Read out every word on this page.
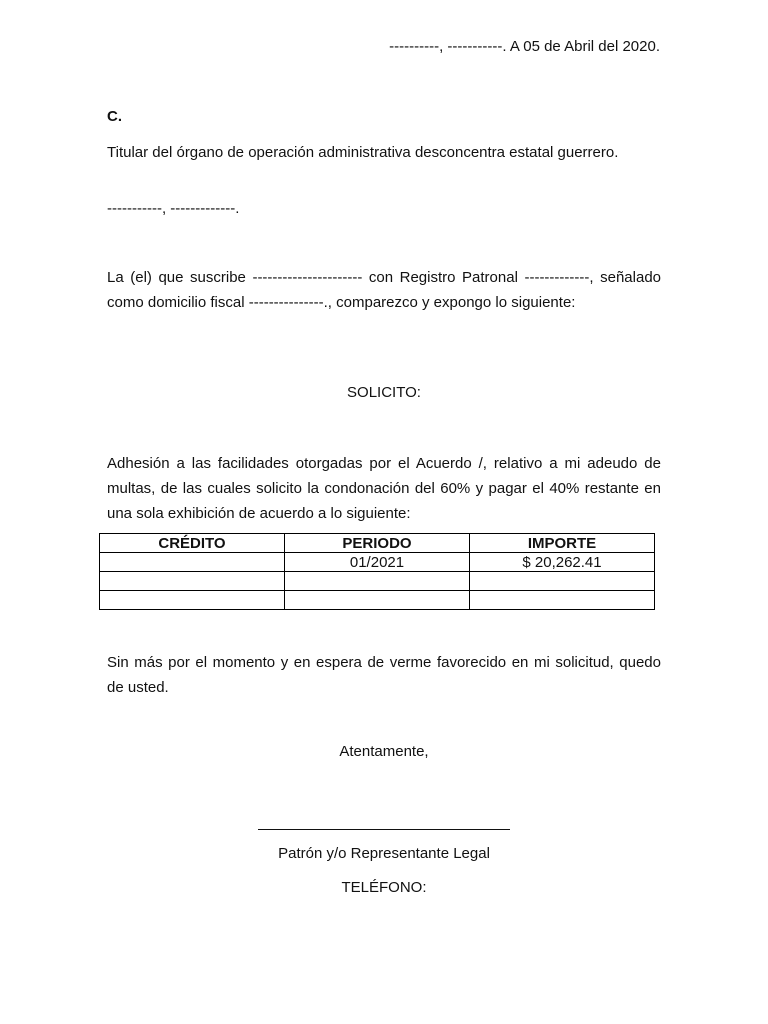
----------, -----------. A 05 de Abril del 2020.
C.
Titular del órgano de operación administrativa desconcentra estatal guerrero.
-----------, -------------.
La (el) que suscribe ---------------------- con Registro Patronal -------------, señalado como domicilio fiscal ---------------., comparezco y expongo lo siguiente:
SOLICITO:
Adhesión a las facilidades otorgadas por el Acuerdo /, relativo a mi adeudo de multas, de las cuales solicito la condonación del 60% y pagar el 40% restante en una sola exhibición de acuerdo a lo siguiente:
CRÉDITO	PERIODO	IMPORTE
	01/2021	$ 20,262.41

Sin más por el momento y en espera de verme favorecido en mi solicitud, quedo de usted.
Atentamente,
Patrón y/o Representante Legal
TELÉFONO:
